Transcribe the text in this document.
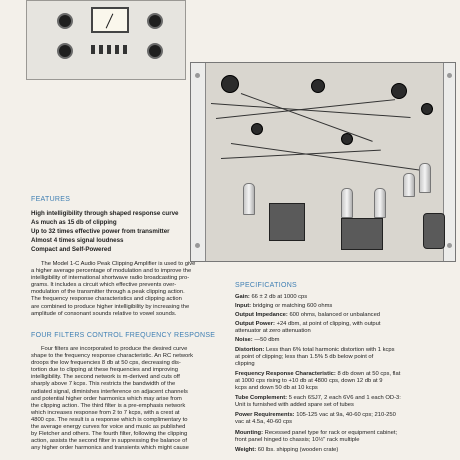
FEATURES
High intelligibility through shaped response curve
As much as 15 db of clipping
Up to 32 times effective power from transmitter
Almost 4 times signal loudness
Compact and Self-Powered
The Model 1-C Audio Peak Clipping Amplifier is used to give
a higher average percentage of modulation and to improve the
intelligibility of international shortwave radio broadcasting pro-
grams. It includes a circuit which effective prevents over-
modulation of the transmitter through a peak clipping action.
The frequency response characteristics and clipping action
are combined to produce higher intelligibility by increasing the
amplitude of consonant sounds relative to vowel sounds.
FOUR FILTERS CONTROL FREQUENCY RESPONSE
Four filters are incorporated to produce the desired curve
shape to the frequency response characteristic. An RC network
droops the low frequencies 8 db at 50 cps, decreasing dis-
tortion due to clipping at these frequencies and improving
intelligibility. The second network is m-derived and cuts off
sharply above 7 kcps. This restricts the bandwidth of the
radiated signal, diminishes interference on adjacent channels
and potential higher order harmonics which may arise from
the clipping action. The third filter is a pre-emphasis network
which increases response from 2 to 7 kcps, with a crest at
4800 cps. The result is a response which is complimentary to
the average energy curves for voice and music as published
by Fletcher and others. The fourth filter, following the clipping
action, assists the second filter in suppressing the balance of
any higher order harmonics and transients which might cause
SPECIFICATIONS
Gain: 66 ± 2 db at 1000 cps
Input: bridging or matching 600 ohms
Output Impedance: 600 ohms, balanced or unbalanced
Output Power: +24 dbm, at point of clipping, with output
attenuator at zero attenuation
Noise: —50 dbm
Distortion: Less than 6% total harmonic distortion with 1 kcps
at point of clipping; less than 1.5% 5 db below point of
clipping
Frequency Response Characteristic: 8 db down at 50 cps, flat
at 1000 cps rising to +10 db at 4800 cps, down 12 db at 9
kcps and down 50 db at 10 kcps
Tube Complement: 5 each 6SJ7, 2 each 6V6 and 1 each OD-3:
Unit is furnished with added spare set of tubes
Power Requirements: 105-125 vac at 9a, 40-60 cps; 210-250
vac at 4.5a, 40-60 cps
Mounting: Recessed panel type for rack or equipment cabinet;
front panel hinged to chassis; 10½" rack multiple
Weight: 60 lbs. shipping (wooden crate)
